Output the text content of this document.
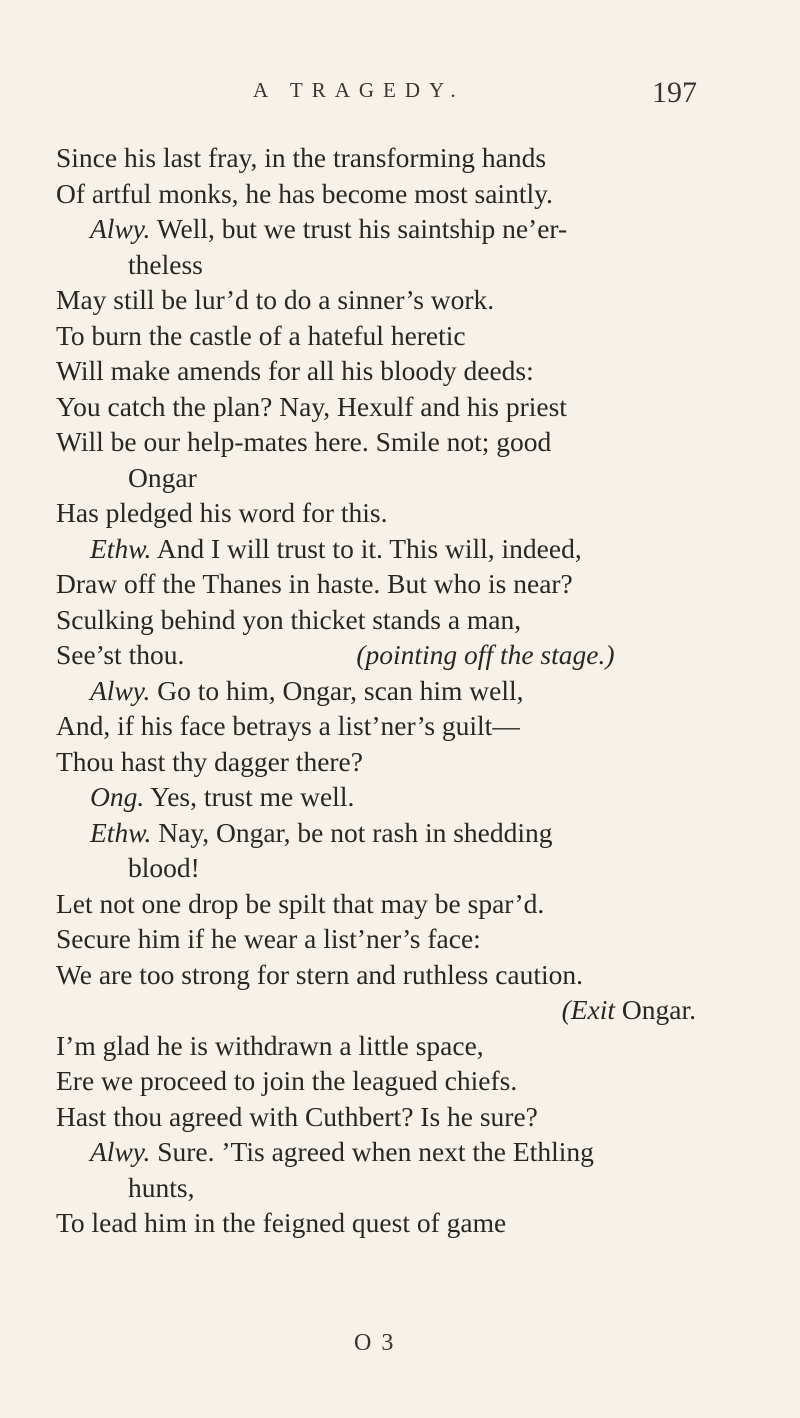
A TRAGEDY.	197
Since his last fray, in the transforming hands
Of artful monks, he has become most saintly.
Alwy. Well, but we trust his saintship ne’er-
theless
May still be lur’d to do a sinner’s work.
To burn the castle of a hateful heretic
Will make amends for all his bloody deeds:
You catch the plan? Nay, Hexulf and his priest
Will be our help-mates here. Smile not; good
Ongar
Has pledged his word for this.
Ethw. And I will trust to it. This will, indeed,
Draw off the Thanes in haste. But who is near?
Sculking behind yon thicket stands a man,
See’st thou.	(pointing off the stage.)
Alwy. Go to him, Ongar, scan him well,
And, if his face betrays a list’ner’s guilt—
Thou hast thy dagger there?
Ong. Yes, trust me well.
Ethw. Nay, Ongar, be not rash in shedding
blood!
Let not one drop be spilt that may be spar’d.
Secure him if he wear a list’ner’s face:
We are too strong for stern and ruthless caution.
(Exit Ongar.
I’m glad he is withdrawn a little space,
Ere we proceed to join the leagued chiefs.
Hast thou agreed with Cuthbert? Is he sure?
Alwy. Sure. ’Tis agreed when next the Ethling
hunts,
To lead him in the feigned quest of game
O 3
